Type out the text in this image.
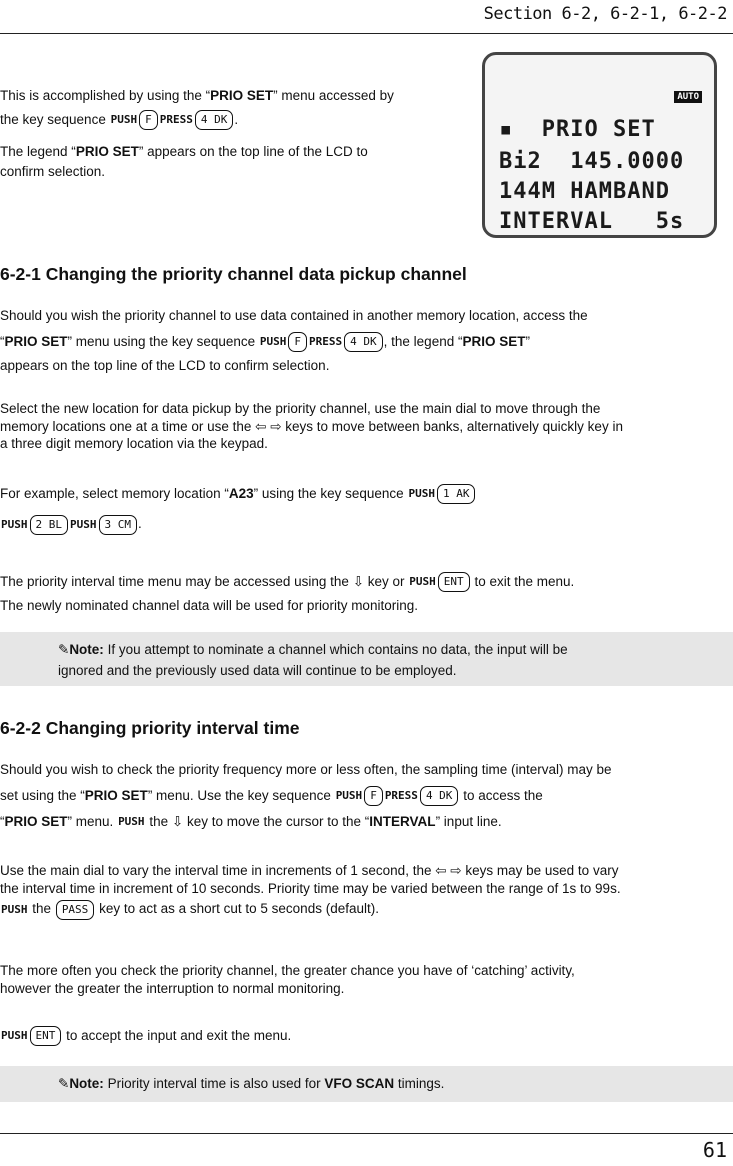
Section 6-2, 6-2-1, 6-2-2

This is accomplished by using the “PRIO SET” menu accessed by

the key sequence PUSH F PRESS 4 DK .

The legend “PRIO SET” appears on the top line of the LCD to
confirm selection.

AUTO
▪  PRIO SET
Bi2  145.0000
144M HAMBAND
INTERVAL   5s
6-2-1 Changing the priority channel data pickup channel

Should you wish the priority channel to use data contained in another memory location, access the

“PRIO SET” menu using the key sequence PUSH F PRESS 4 DK , the legend “PRIO SET”

appears on the top line of the LCD to confirm selection.

Select the new location for data pickup by the priority channel, use the main dial to move through the

memory locations one at a time or use the ⇦ ⇨ keys to move between banks, alternatively quickly key in

a three digit memory location via the keypad.

For example, select memory location “A23” using the key sequence PUSH 1 AK

PUSH 2 BL PUSH 3 CM .

The priority interval time menu may be accessed using the ⇩ key or PUSH ENT to exit the menu.

The newly nominated channel data will be used for priority monitoring.

✎Note: If you attempt to nominate a channel which contains no data, the input will be
ignored and the previously used data will continue to be employed.
6-2-2 Changing priority interval time

Should you wish to check the priority frequency more or less often, the sampling time (interval) may be

set using the “PRIO SET” menu. Use the key sequence PUSH F PRESS 4 DK to access the

“PRIO SET” menu. PUSH the ⇩ key to move the cursor to the “INTERVAL” input line.

Use the main dial to vary the interval time in increments of 1 second, the ⇦ ⇨ keys may be used to vary

the interval time in increment of 10 seconds. Priority time may be varied between the range of 1s to 99s.

PUSH the PASS key to act as a short cut to 5 seconds (default).

The more often you check the priority channel, the greater chance you have of ‘catching’ activity,

however the greater the interruption to normal monitoring.

PUSH ENT to accept the input and exit the menu.

✎Note: Priority interval time is also used for VFO SCAN timings.
61
